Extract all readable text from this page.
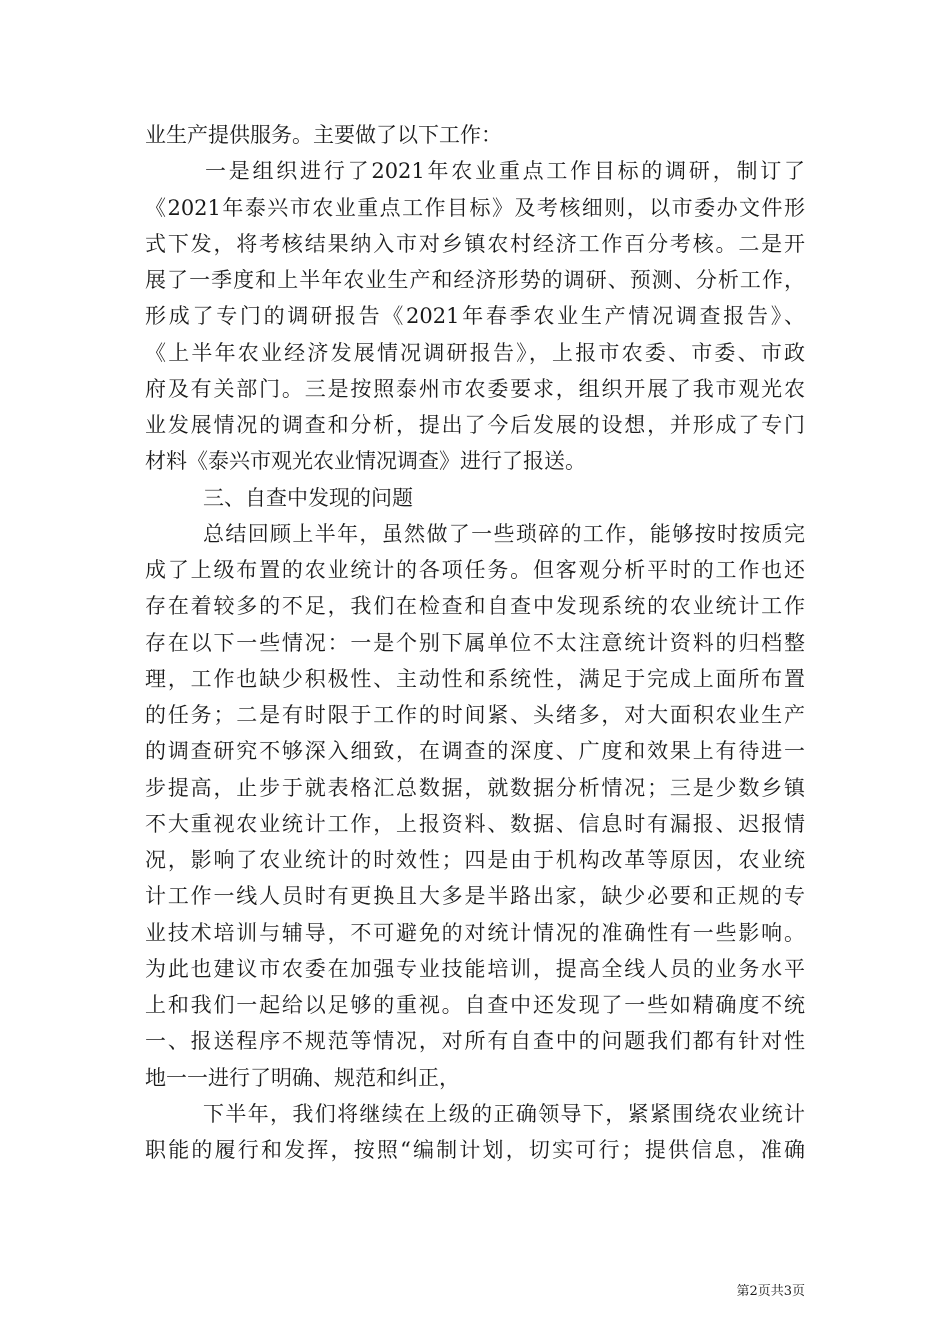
业生产提供服务。主要做了以下工作：
一是组织进行了2021年农业重点工作目标的调研，制订了
《2021年泰兴市农业重点工作目标》及考核细则，以市委办文件形
式下发，将考核结果纳入市对乡镇农村经济工作百分考核。二是开
展了一季度和上半年农业生产和经济形势的调研、预测、分析工作，
形成了专门的调研报告《2021年春季农业生产情况调查报告》、
《上半年农业经济发展情况调研报告》，上报市农委、市委、市政
府及有关部门。三是按照泰州市农委要求，组织开展了我市观光农
业发展情况的调查和分析，提出了今后发展的设想，并形成了专门
材料《泰兴市观光农业情况调查》进行了报送。
三、自查中发现的问题
总结回顾上半年，虽然做了一些琐碎的工作，能够按时按质完
成了上级布置的农业统计的各项任务。但客观分析平时的工作也还
存在着较多的不足，我们在检查和自查中发现系统的农业统计工作
存在以下一些情况：一是个别下属单位不太注意统计资料的归档整
理，工作也缺少积极性、主动性和系统性，满足于完成上面所布置
的任务；二是有时限于工作的时间紧、头绪多，对大面积农业生产
的调查研究不够深入细致，在调查的深度、广度和效果上有待进一
步提高，止步于就表格汇总数据，就数据分析情况；三是少数乡镇
不大重视农业统计工作，上报资料、数据、信息时有漏报、迟报情
况，影响了农业统计的时效性；四是由于机构改革等原因，农业统
计工作一线人员时有更换且大多是半路出家，缺少必要和正规的专
业技术培训与辅导，不可避免的对统计情况的准确性有一些影响。
为此也建议市农委在加强专业技能培训，提高全线人员的业务水平
上和我们一起给以足够的重视。自查中还发现了一些如精确度不统
一、报送程序不规范等情况，对所有自查中的问题我们都有针对性
地一一进行了明确、规范和纠正，
下半年，我们将继续在上级的正确领导下，紧紧围绕农业统计
职能的履行和发挥，按照“编制计划，切实可行；提供信息，准确
第2页共3页
